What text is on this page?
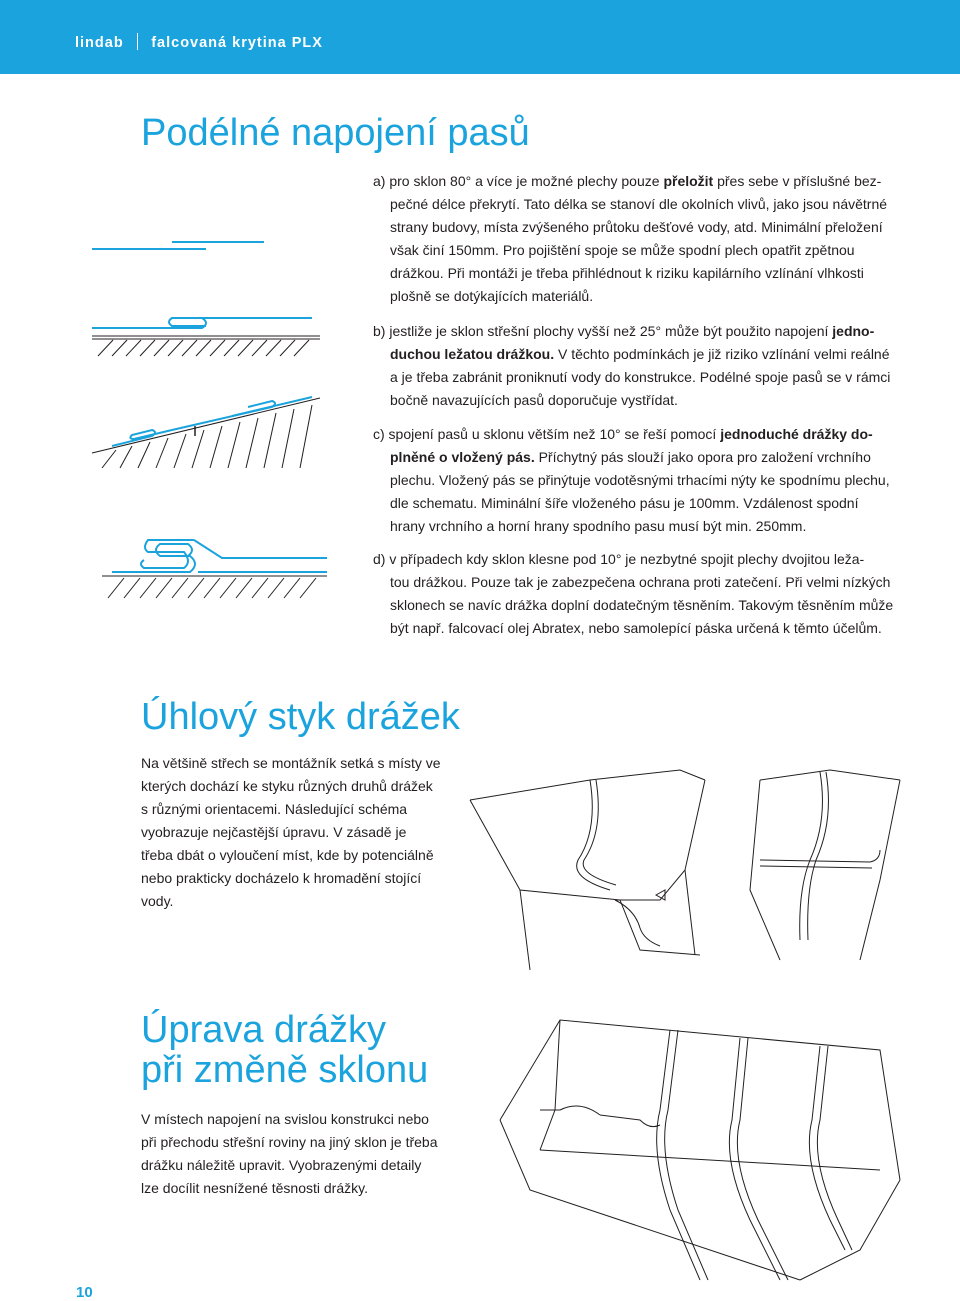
lindab falcovaná krytina PLX
Podélné napojení pasů

a) pro sklon 80° a více je možné plechy pouze přeložit přes sebe v příslušné bez-
pečné délce překrytí. Tato délka se stanoví dle okolních vlivů, jako jsou návětrné strany budovy, místa zvýšeného průtoku dešťové vody, atd. Minimální přeložení však činí 150mm. Pro pojištění spoje se může spodní plech opatřit zpětnou drážkou. Při montáži je třeba přihlédnout k riziku kapilárního vzlínání vlhkosti plošně se dotýkajících materiálů.

b) jestliže je sklon střešní plochy vyšší než 25° může být použito napojení jedno-
duchou ležatou drážkou. V těchto podmínkách je již riziko vzlínání velmi reálné a je třeba zabránit proniknutí vody do konstrukce. Podélné spoje pasů se v rámci bočně navazujících pasů doporučuje vystřídat.

c) spojení pasů u sklonu větším než 10° se řeší pomocí jednoduché drážky do-
plněné o vložený pás. Příchytný pás slouží jako opora pro založení vrchního plechu. Vložený pás se přinýtuje vodotěsnými trhacími nýty ke spodnímu plechu, dle schematu. Miminální šíře vloženého pásu je 100mm. Vzdálenost spodní hrany vrchního a horní hrany spodního pasu musí být min. 250mm.

d) v případech kdy sklon klesne pod 10° je nezbytné spojit plechy dvojitou leža-
tou drážkou. Pouze tak je zabezpečena ochrana proti zatečení. Při velmi nízkých sklonech se navíc drážka doplní dodatečným těsněním. Takovým těsněním může být např. falcovací olej Abratex, nebo samolepící páska určená k těmto účelům.

Úhlový styk drážek

Na většině střech se montážník setká s místy ve kterých dochází ke styku různých druhů drážek s různými orientacemi. Následující schéma vyobrazuje nejčastější úpravu. V zásadě je třeba dbát o vyloučení míst, kde by potenciálně nebo prakticky docházelo k hromadění stojící vody.

Úprava drážky
při změně sklonu

V místech napojení na svislou konstrukci nebo při přechodu střešní roviny na jiný sklon je třeba drážku náležitě upravit. Vyobrazenými detaily lze docílit nesnížené těsnosti drážky.

10
